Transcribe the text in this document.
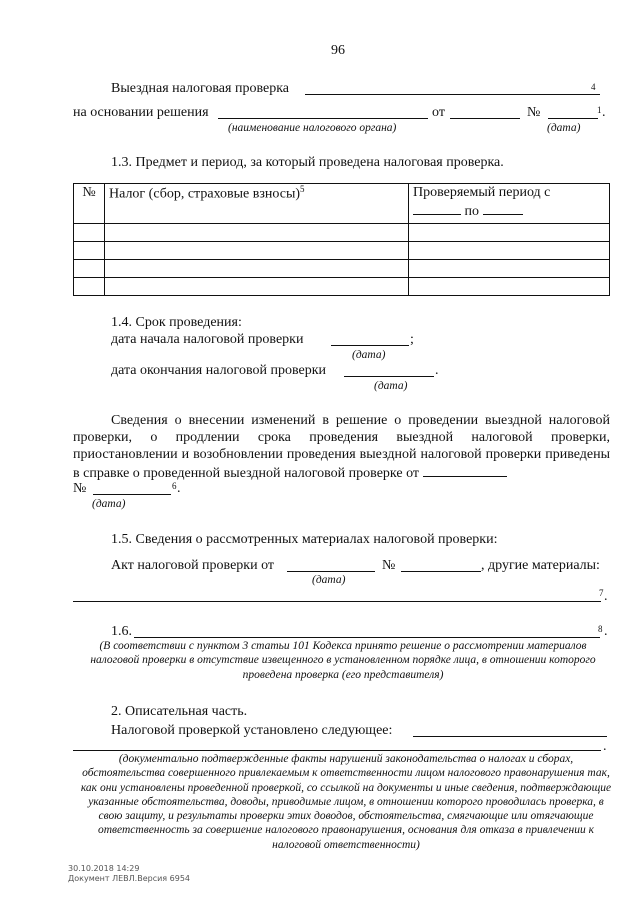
96
Выездная налоговая проверка	4
на основании решения	от	№	1 .
(наименование налогового органа)	(дата)
1.3. Предмет и период, за который проведена налоговая проверка.
№	Налог (сбор, страховые взносы)$^5$	Проверяемый период с
по

1.4. Срок проведения:
дата начала налоговой проверки	;
(дата)
дата окончания налоговой проверки	.
(дата)
Сведения о внесении изменений в решение о проведении выездной налоговой проверки, о продлении срока проведения выездной налоговой проверки, приостановлении и возобновлении проведения выездной налоговой проверки приведены в справке о проведенной выездной налоговой проверке от
№	6 .
(дата)
1.5. Сведения о рассмотренных материалах налоговой проверки:
Акт налоговой проверки от	№	, другие материалы:
(дата)
7 .
1.6.	8 .
(В соответствии с пунктом 3 статьи 101 Кодекса принято решение о рассмотрении материалов налоговой проверки в отсутствие извещенного в установленном порядке лица, в отношении которого проведена проверка (его представителя)
2. Описательная часть.
Налоговой проверкой установлено следующее:
.
(документально подтвержденные факты нарушений законодательства о налогах и сборах, обстоятельства совершенного привлекаемым к ответственности лицом налогового правонарушения так, как они установлены проведенной проверкой, со ссылкой на документы и иные сведения, подтверждающие указанные обстоятельства, доводы, приводимые лицом, в отношении которого проводилась проверка, в свою защиту, и результаты проверки этих доводов, обстоятельства, смягчающие или отягчающие ответственность за совершение налогового правонарушения, основания для отказа в привлечении к налоговой ответственности)
30.10.2018 14:29
Документ ЛЕВЛ.Версия 6954
